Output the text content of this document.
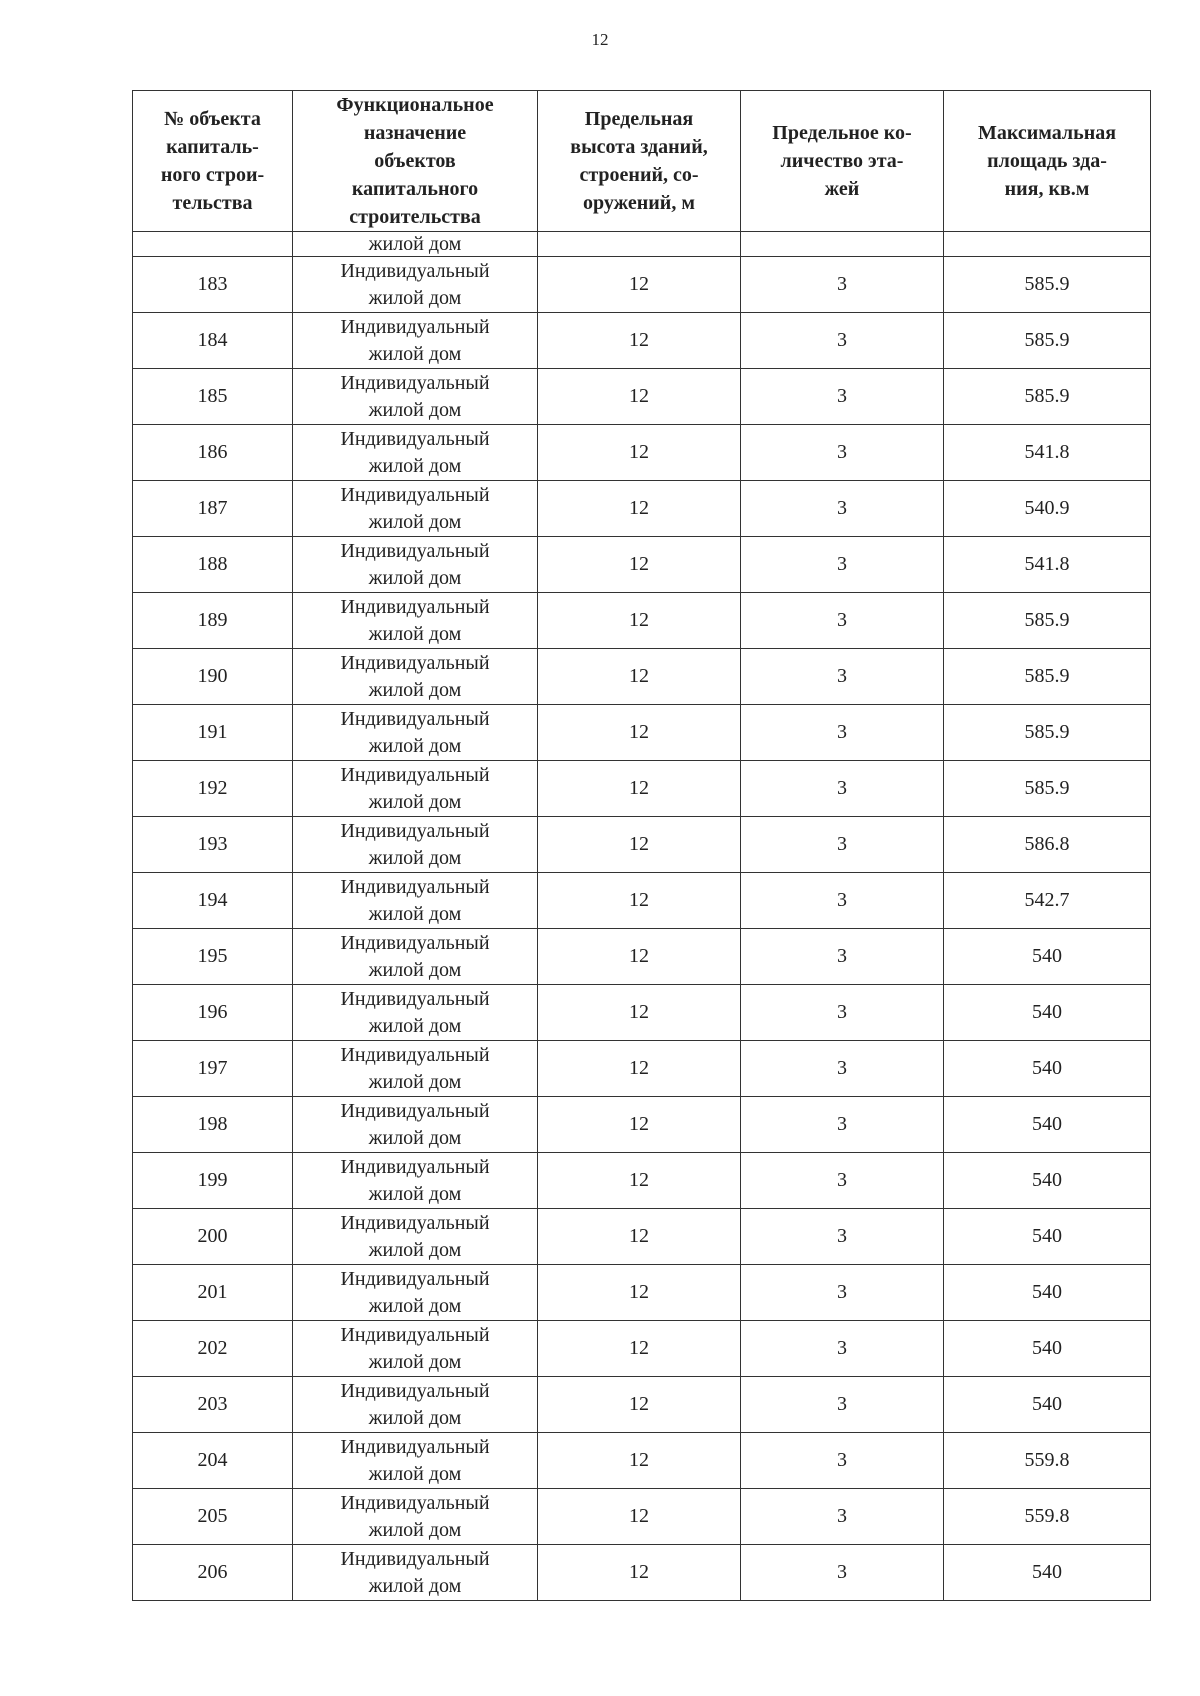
12
№ объекта
капиталь-
ного строи-
тельства	Функциональное
назначение
объектов
капитального
строительства	Предельная
высота зданий,
строений, со-
оружений, м	Предельное ко-
личество эта-
жей	Максимальная
площадь зда-
ния, кв.м
	жилой дом			
183	Индивидуальный
жилой дом	12	3	585.9
184	Индивидуальный
жилой дом	12	3	585.9
185	Индивидуальный
жилой дом	12	3	585.9
186	Индивидуальный
жилой дом	12	3	541.8
187	Индивидуальный
жилой дом	12	3	540.9
188	Индивидуальный
жилой дом	12	3	541.8
189	Индивидуальный
жилой дом	12	3	585.9
190	Индивидуальный
жилой дом	12	3	585.9
191	Индивидуальный
жилой дом	12	3	585.9
192	Индивидуальный
жилой дом	12	3	585.9
193	Индивидуальный
жилой дом	12	3	586.8
194	Индивидуальный
жилой дом	12	3	542.7
195	Индивидуальный
жилой дом	12	3	540
196	Индивидуальный
жилой дом	12	3	540
197	Индивидуальный
жилой дом	12	3	540
198	Индивидуальный
жилой дом	12	3	540
199	Индивидуальный
жилой дом	12	3	540
200	Индивидуальный
жилой дом	12	3	540
201	Индивидуальный
жилой дом	12	3	540
202	Индивидуальный
жилой дом	12	3	540
203	Индивидуальный
жилой дом	12	3	540
204	Индивидуальный
жилой дом	12	3	559.8
205	Индивидуальный
жилой дом	12	3	559.8
206	Индивидуальный
жилой дом	12	3	540
